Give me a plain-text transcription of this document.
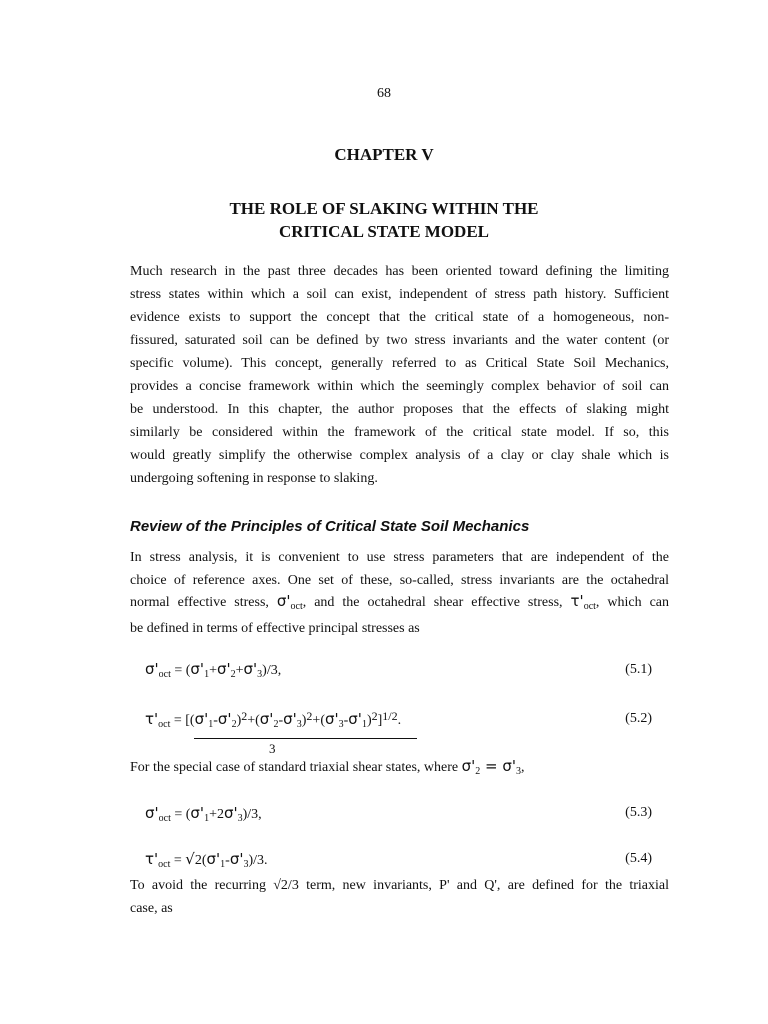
68
CHAPTER V
THE ROLE OF SLAKING WITHIN THE
CRITICAL STATE MODEL
Much research in the past three decades has been oriented toward defining the limiting
stress states within which a soil can exist, independent of stress path history. Sufficient
evidence exists to support the concept that the critical state of a homogeneous, non-
fissured, saturated soil can be defined by two stress invariants and the water content (or
specific volume). This concept, generally referred to as Critical State Soil Mechanics,
provides a concise framework within which the seemingly complex behavior of soil can
be understood. In this chapter, the author proposes that the effects of slaking might
similarly be considered within the framework of the critical state model. If so, this
would greatly simplify the otherwise complex analysis of a clay or clay shale which is
undergoing softening in response to slaking.
Review of the Principles of Critical State Soil Mechanics
In stress analysis, it is convenient to use stress parameters that are independent of the
choice of reference axes. One set of these, so-called, stress invariants are the octahedral
normal effective stress, $\sigma'_{oct}$, and the octahedral shear effective stress, $\tau'_{oct}$, which can
be defined in terms of effective principal stresses as
$\sigma'_{oct} = (\sigma'_1+\sigma'_2+\sigma'_3)/3$,	(5.1)
$\tau'_{oct} = [(\sigma'_1-\sigma'_2)^2+(\sigma'_2-\sigma'_3)^2+(\sigma'_3-\sigma'_1)^2]^{1/2}$.	(5.2)
3
For the special case of standard triaxial shear states, where $\sigma'_2 = \sigma'_3$,
$\sigma'_{oct} = (\sigma'_1+2\sigma'_3)/3$,	(5.3)
$\tau'_{oct} = √2(\sigma'_1-\sigma'_3)/3$.	(5.4)
To avoid the recurring √2/3 term, new invariants, P' and Q', are defined for the triaxial
case, as
